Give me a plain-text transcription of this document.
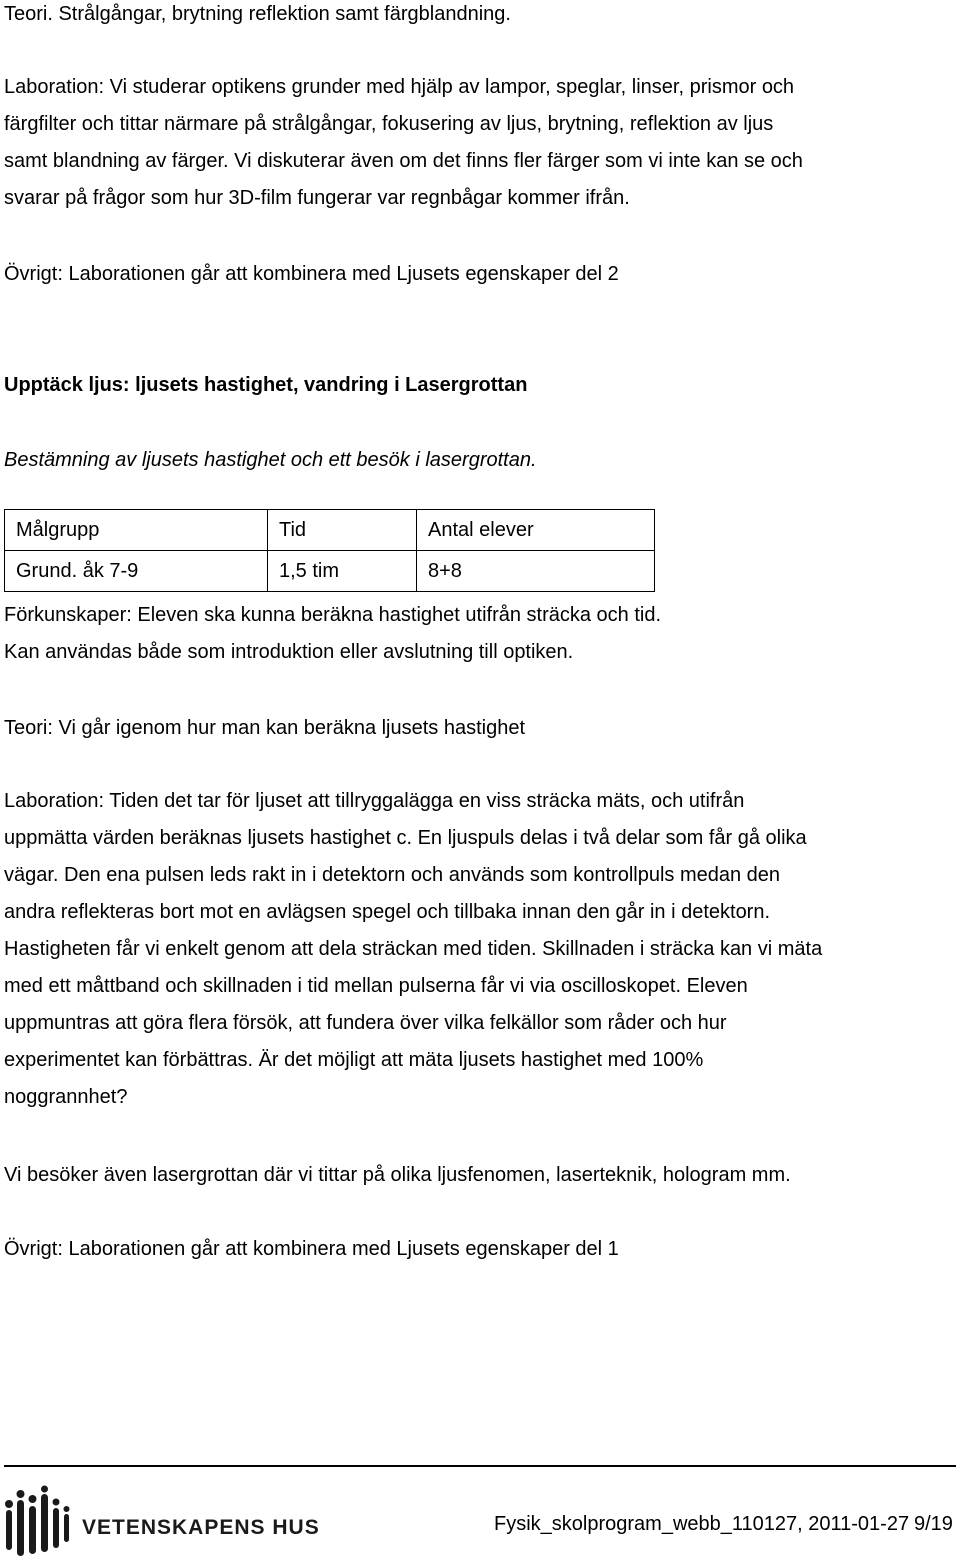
Teori. Strålgångar, brytning reflektion samt färgblandning.

Laboration: Vi studerar optikens grunder med hjälp av lampor, speglar, linser, prismor och

färgfilter och tittar närmare på strålgångar, fokusering av ljus, brytning, reflektion av ljus

samt blandning av färger. Vi diskuterar även om det finns fler färger som vi inte kan se och

svarar på frågor som hur 3D-film fungerar var regnbågar kommer ifrån.

Övrigt: Laborationen går att kombinera med Ljusets egenskaper del 2
Upptäck ljus: ljusets hastighet, vandring i Lasergrottan
Bestämning av ljusets hastighet och ett besök i lasergrottan.
Målgrupp	Tid	Antal elever
Grund. åk 7-9	1,5 tim	8+8

Förkunskaper: Eleven ska kunna beräkna hastighet utifrån sträcka och tid.

Kan användas både som introduktion eller avslutning till optiken.

Teori: Vi går igenom hur man kan beräkna ljusets hastighet

Laboration: Tiden det tar för ljuset att tillryggalägga en viss sträcka mäts, och utifrån

uppmätta värden beräknas ljusets hastighet c. En ljuspuls delas i två delar som får gå olika

vägar. Den ena pulsen leds rakt in i detektorn och används som kontrollpuls medan den

andra reflekteras bort mot en avlägsen spegel och tillbaka innan den går in i detektorn.

Hastigheten får vi enkelt genom att dela sträckan med tiden. Skillnaden i sträcka kan vi mäta

med ett måttband och skillnaden i tid mellan pulserna får vi via oscilloskopet. Eleven

uppmuntras att göra flera försök, att fundera över vilka felkällor som råder och hur

experimentet kan förbättras. Är det möjligt att mäta ljusets hastighet med 100%

noggrannhet?

Vi besöker även lasergrottan där vi tittar på olika ljusfenomen, laserteknik, hologram mm.
Övrigt: Laborationen går att kombinera med Ljusets egenskaper del 1
VETENSKAPENS HUS	Fysik_skolprogram_webb_110127, 2011-01-27 9/19
